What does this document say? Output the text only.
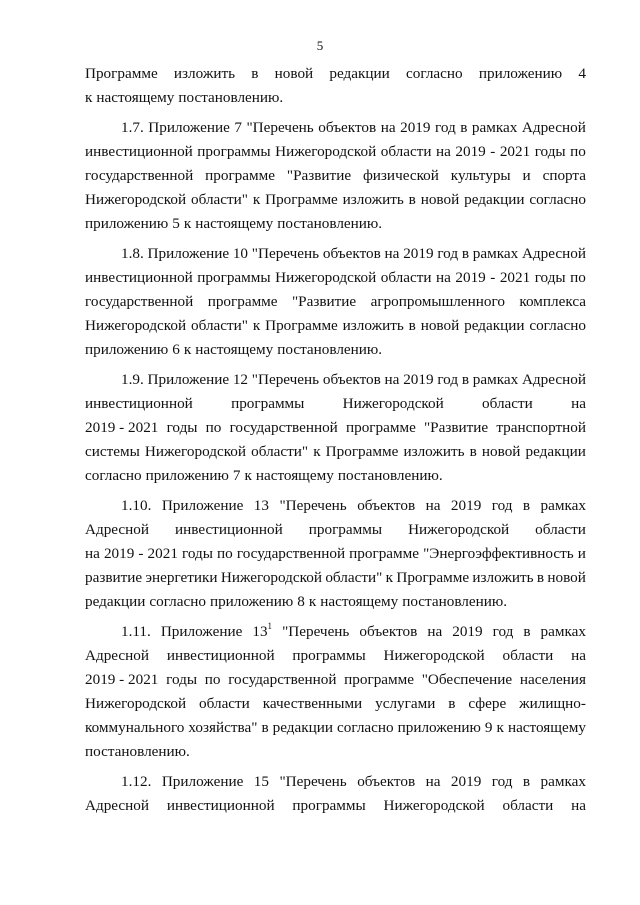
5
Программе изложить в новой редакции согласно приложению 4
к настоящему постановлению.
1.7. Приложение 7 "Перечень объектов на 2019 год в рамках Адресной
инвестиционной программы Нижегородской области на 2019 - 2021 годы по
государственной программе "Развитие физической культуры и спорта
Нижегородской области" к Программе изложить в новой редакции согласно
приложению 5 к настоящему постановлению.
1.8. Приложение 10 "Перечень объектов на 2019 год в рамках Адресной
инвестиционной программы Нижегородской области на 2019 - 2021 годы по
государственной программе "Развитие агропромышленного комплекса
Нижегородской области" к Программе изложить в новой редакции согласно
приложению 6 к настоящему постановлению.
1.9. Приложение 12 "Перечень объектов на 2019 год в рамках Адресной
инвестиционной	программы	Нижегородской	области	на
2019 - 2021 годы по государственной программе "Развитие транспортной
системы Нижегородской области" к Программе изложить в новой редакции
согласно приложению 7 к настоящему постановлению.
1.10. Приложение 13 "Перечень объектов на 2019 год в рамках
Адресной инвестиционной программы Нижегородской области
на 2019 - 2021 годы по государственной программе "Энергоэффективность и
развитие энергетики Нижегородской области" к Программе изложить в новой
редакции согласно приложению 8 к настоящему постановлению.
1.11. Приложение $13^1$ "Перечень объектов на 2019 год в рамках
Адресной инвестиционной программы Нижегородской области на
2019 - 2021 годы по государственной программе "Обеспечение населения
Нижегородской области качественными услугами в сфере жилищно-
коммунального хозяйства" в редакции согласно приложению 9 к настоящему
постановлению.
1.12. Приложение 15 "Перечень объектов на 2019 год в рамках
Адресной инвестиционной программы Нижегородской области на
